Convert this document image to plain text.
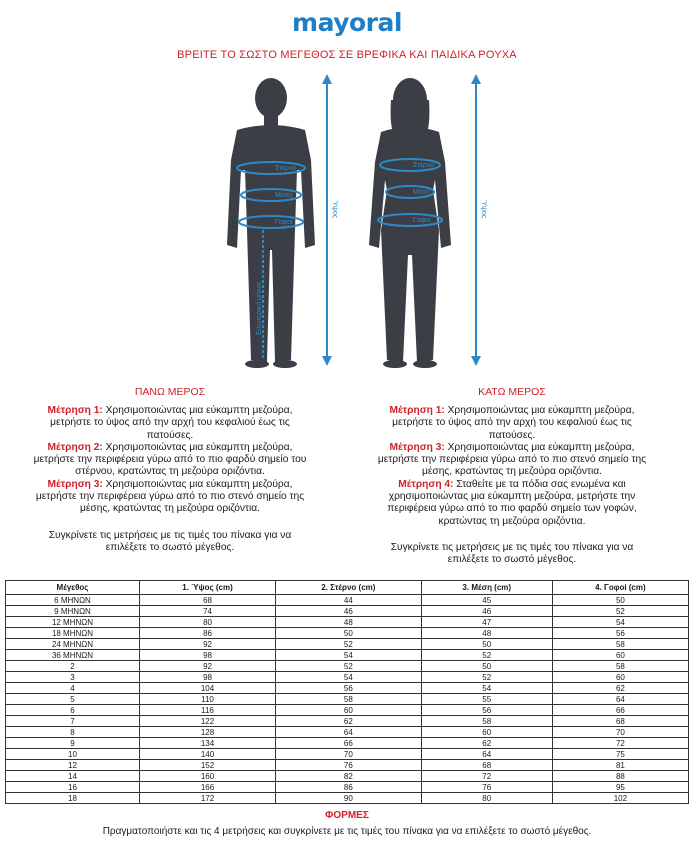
mayoral
ΒΡΕΙΤΕ ΤΟ ΣΩΣΤΟ ΜΕΓΕΘΟΣ ΣΕ ΒΡΕΦΙΚΑ ΚΑΙ ΠΑΙΔΙΚΑ ΡΟΥΧΑ
Στέρνο
Μέση
Γοφοί
Ύψος
Εσωτερικό μήκος
Στέρνο
Μέση
Γοφοί
Ύψος
ΠΑΝΩ ΜΕΡΟΣ

Μέτρηση 1: Χρησιμοποιώντας μια εύκαμπτη μεζούρα, μετρήστε το ύψος από την αρχή του κεφαλιού έως τις πατούσες.

Μέτρηση 2: Χρησιμοποιώντας μια εύκαμπτη μεζούρα, μετρήστε την περιφέρεια γύρω από το πιο φαρδύ σημείο του στέρνου, κρατώντας τη μεζούρα οριζόντια.

Μέτρηση 3: Χρησιμοποιώντας μια εύκαμπτη μεζούρα, μετρήστε την περιφέρεια γύρω από το πιο στενό σημείο της μέσης, κρατώντας τη μεζούρα οριζόντια.

Συγκρίνετε τις μετρήσεις με τις τιμές του πίνακα για να επιλέξετε το σωστό μέγεθος.

ΚΑΤΩ ΜΕΡΟΣ

Μέτρηση 1: Χρησιμοποιώντας μια εύκαμπτη μεζούρα, μετρήστε το ύψος από την αρχή του κεφαλιού έως τις πατούσες.

Μέτρηση 3: Χρησιμοποιώντας μια εύκαμπτη μεζούρα, μετρήστε την περιφέρεια γύρω από το πιο στενό σημείο της μέσης, κρατώντας τη μεζούρα οριζόντια.

Μέτρηση 4: Σταθείτε με τα πόδια σας ενωμένα και χρησιμοποιώντας μια εύκαμπτη μεζούρα, μετρήστε την περιφέρεια γύρω από το πιο φαρδύ σημείο των γοφών, κρατώντας τη μεζούρα οριζόντια.

Συγκρίνετε τις μετρήσεις με τις τιμές του πίνακα για να επιλέξετε το σωστό μέγεθος.

Μέγεθος	1. Ύψος (cm)	2. Στέρνο (cm)	3. Μέση (cm)	4. Γοφοί (cm)
6 ΜΗΝΩΝ	68	44	45	50
9 ΜΗΝΩΝ	74	46	46	52
12 ΜΗΝΩΝ	80	48	47	54
18 ΜΗΝΩΝ	86	50	48	56
24 ΜΗΝΩΝ	92	52	50	58
36 ΜΗΝΩΝ	98	54	52	60
2	92	52	50	58
3	98	54	52	60
4	104	56	54	62
5	110	58	55	64
6	116	60	56	66
7	122	62	58	68
8	128	64	60	70
9	134	66	62	72
10	140	70	64	75
12	152	76	68	81
14	160	82	72	88
16	166	86	76	95
18	172	90	80	102
ΦΟΡΜΕΣ
Πραγματοποιήστε και τις 4 μετρήσεις και συγκρίνετε με τις τιμές του πίνακα για να επιλέξετε το σωστό μέγεθος.
